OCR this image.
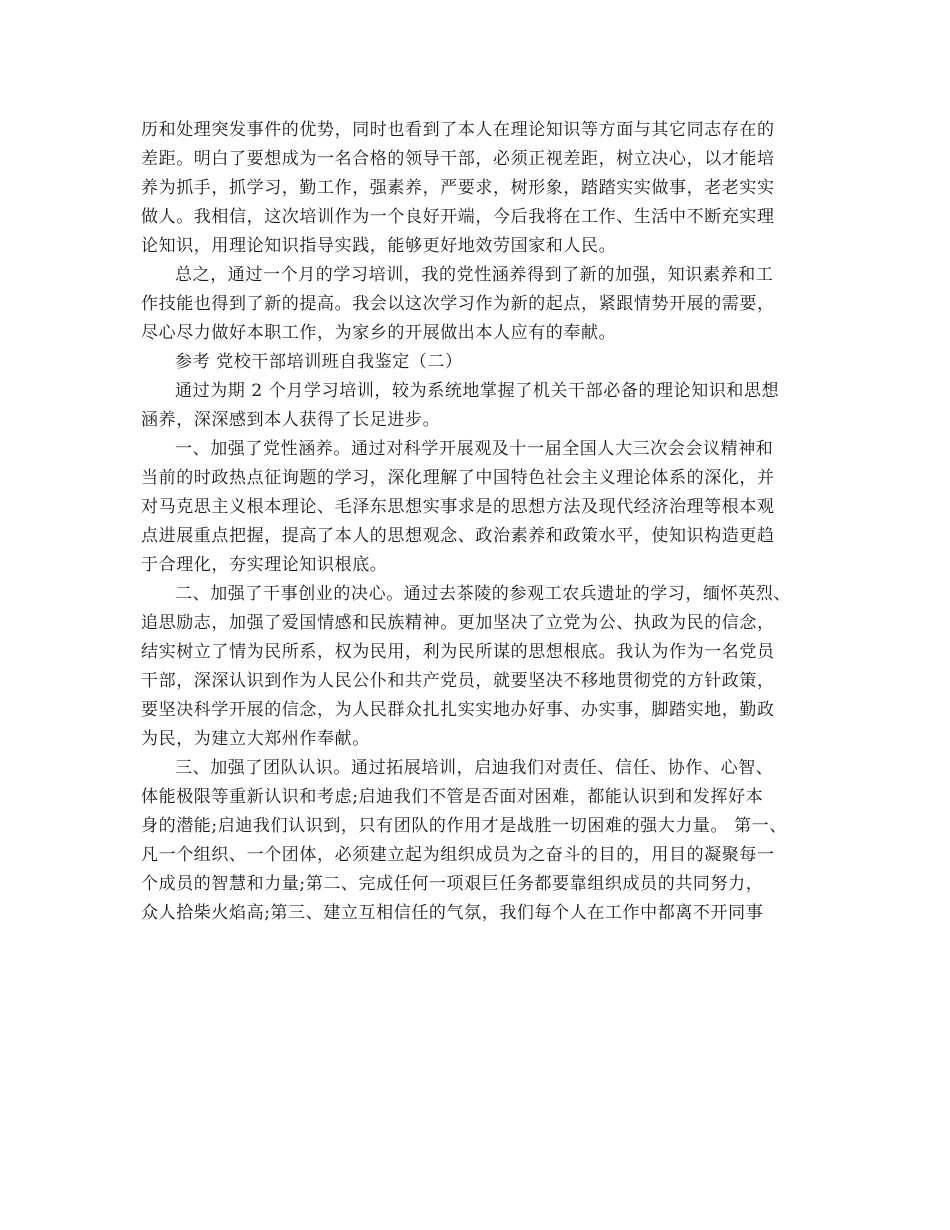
历和处理突发事件的优势，同时也看到了本人在理论知识等方面与其它同志存在的
差距。明白了要想成为一名合格的领导干部，必须正视差距，树立决心，以才能培
养为抓手，抓学习，勤工作，强素养，严要求，树形象，踏踏实实做事，老老实实
做人。我相信，这次培训作为一个良好开端，今后我将在工作、生活中不断充实理
论知识，用理论知识指导实践，能够更好地效劳国家和人民。

总之，通过一个月的学习培训，我的党性涵养得到了新的加强，知识素养和工
作技能也得到了新的提高。我会以这次学习作为新的起点，紧跟情势开展的需要，
尽心尽力做好本职工作，为家乡的开展做出本人应有的奉献。

参考 党校干部培训班自我鉴定（二）

通过为期 2 个月学习培训，较为系统地掌握了机关干部必备的理论知识和思想
涵养，深深感到本人获得了长足进步。

一、加强了党性涵养。通过对科学开展观及十一届全国人大三次会会议精神和
当前的时政热点征询题的学习，深化理解了中国特色社会主义理论体系的深化，并
对马克思主义根本理论、毛泽东思想实事求是的思想方法及现代经济治理等根本观
点进展重点把握，提高了本人的思想观念、政治素养和政策水平，使知识构造更趋
于合理化，夯实理论知识根底。

二、加强了干事创业的决心。通过去茶陵的参观工农兵遗址的学习，缅怀英烈、
追思励志，加强了爱国情感和民族精神。更加坚决了立党为公、执政为民的信念，
结实树立了情为民所系，权为民用，利为民所谋的思想根底。我认为作为一名党员
干部，深深认识到作为人民公仆和共产党员，就要坚决不移地贯彻党的方针政策，
要坚决科学开展的信念，为人民群众扎扎实实地办好事、办实事，脚踏实地，勤政
为民，为建立大郑州作奉献。

三、加强了团队认识。通过拓展培训，启迪我们对责任、信任、协作、心智、
体能极限等重新认识和考虑;启迪我们不管是否面对困难，都能认识到和发挥好本
身的潜能;启迪我们认识到，只有团队的作用才是战胜一切困难的强大力量。 第一、
凡一个组织、一个团体，必须建立起为组织成员为之奋斗的目的，用目的凝聚每一
个成员的智慧和力量;第二、完成任何一项艰巨任务都要靠组织成员的共同努力，
众人拾柴火焰高;第三、建立互相信任的气氛，我们每个人在工作中都离不开同事
